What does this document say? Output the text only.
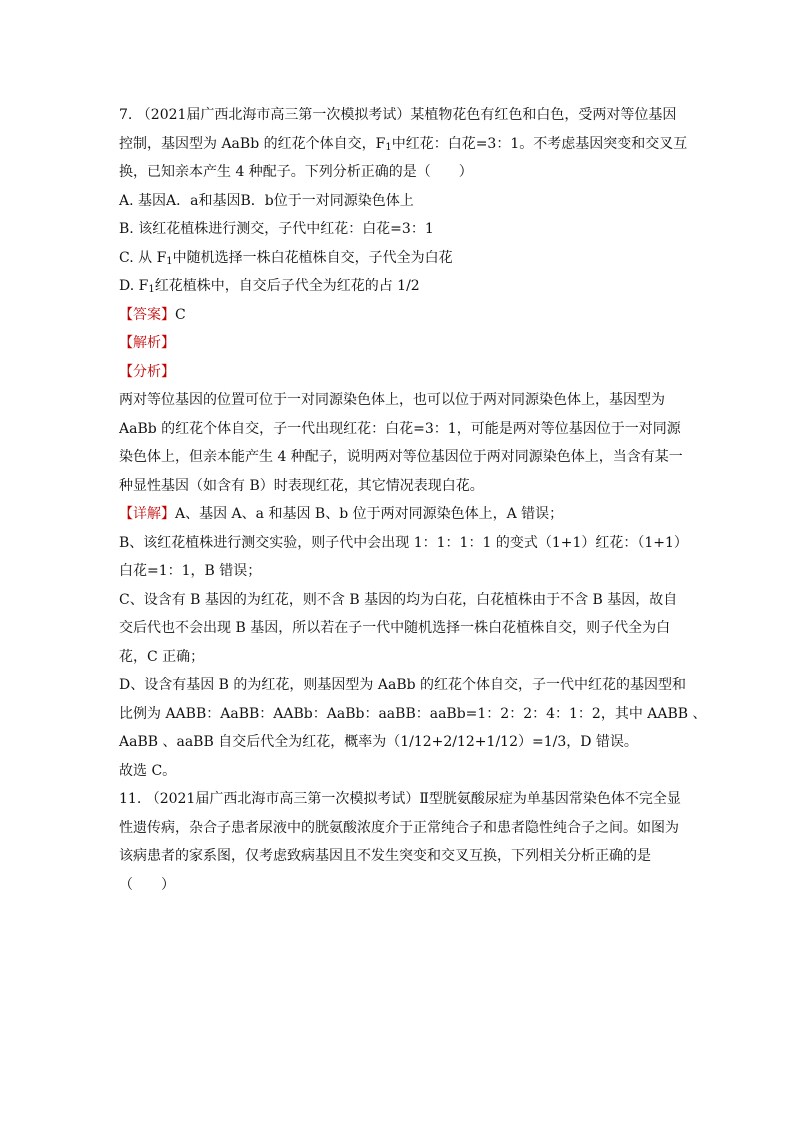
7. （2021届广西北海市高三第一次模拟考试）某植物花色有红色和白色，受两对等位基因
控制，基因型为 AaBb 的红花个体自交，$F_1$中红花：白花=3：1。不考虑基因突变和交叉互
换，已知亲本产生 4 种配子。下列分析正确的是（　　）
A. 基因A．a和基因B．b位于一对同源染色体上
B. 该红花植株进行测交，子代中红花：白花=3：1
C. 从 $F_1$中随机选择一株白花植株自交，子代全为白花
D. $F_1$红花植株中，自交后子代全为红花的占 1/2
【答案】C
【解析】
【分析】
两对等位基因的位置可位于一对同源染色体上，也可以位于两对同源染色体上，基因型为
AaBb 的红花个体自交，子一代出现红花：白花=3：1，可能是两对等位基因位于一对同源
染色体上，但亲本能产生 4 种配子，说明两对等位基因位于两对同源染色体上，当含有某一
种显性基因（如含有 B）时表现红花，其它情况表现白花。
【详解】A、基因 A、a 和基因 B、b 位于两对同源染色体上，A 错误；
B、该红花植株进行测交实验，则子代中会出现 1：1：1：1 的变式（1+1）红花：（1+1）
白花=1：1，B 错误；
C、设含有 B 基因的为红花，则不含 B 基因的均为白花，白花植株由于不含 B 基因，故自
交后代也不会出现 B 基因，所以若在子一代中随机选择一株白花植株自交，则子代全为白
花，C 正确；
D、设含有基因 B 的为红花，则基因型为 AaBb 的红花个体自交，子一代中红花的基因型和
比例为 AABB：AaBB：AABb：AaBb：aaBB：aaBb=1：2：2：4：1：2，其中 AABB 、
AaBB 、aaBB 自交后代全为红花，概率为（1/12+2/12+1/12）=1/3，D 错误。
故选 C。
11. （2021届广西北海市高三第一次模拟考试）Ⅱ型胱氨酸尿症为单基因常染色体不完全显
性遗传病，杂合子患者尿液中的胱氨酸浓度介于正常纯合子和患者隐性纯合子之间。如图为
该病患者的家系图，仅考虑致病基因且不发生突变和交叉互换，下列相关分析正确的是
（　　）
